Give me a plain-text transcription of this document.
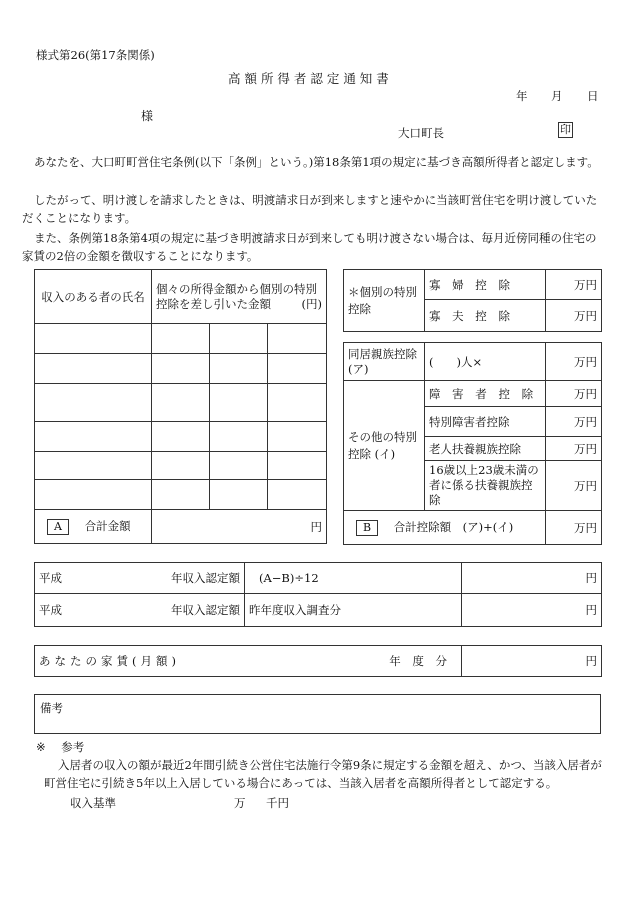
様式第26(第17条関係)
高 額 所 得 者 認 定 通 知 書
年 月 日
様
大口町長	印
あなたを、大口町町営住宅条例(以下「条例」という。)第18条第1項の規定に基づき高額所得者と認定します。
したがって、明け渡しを請求したときは、明渡請求日が到来しますと速やかに当該町営住宅を明け渡していただくことになります。
また、条例第18条第4項の規定に基づき明渡請求日が到来しても明け渡さない場合は、毎月近傍同種の住宅の家賃の2倍の金額を徴収することになります。
収入のある者の氏名	個々の所得金額から個別の特別控除を差し引いた金額 (円)		

A 合計金額	円		
＊個別の特別控除	寡 婦 控 除	万円
	寡 夫 控 除	万円
同居親族控除(ア)	(　　)人×	万円
その他の特別控除 (イ)	障 害 者 控 除	万円
	特別障害者控除	万円
	老人扶養親族控除	万円
	16歳以上23歳未満の者に係る扶養親族控除	万円
B 合計控除額　(ア)+(イ)		万円
平成 年収入認定額	(A−B)÷12	円
平成 年収入認定額	昨年度収入調査分	円
あなたの家賃(月額)	年 度 分	円
備考
※ 参考
入居者の収入の額が最近2年間引続き公営住宅法施行令第9条に規定する金額を超え、かつ、当該入居者が町営住宅に引続き5年以上入居している場合にあっては、当該入居者を高額所得者として認定する。
収入基準	万 千円
